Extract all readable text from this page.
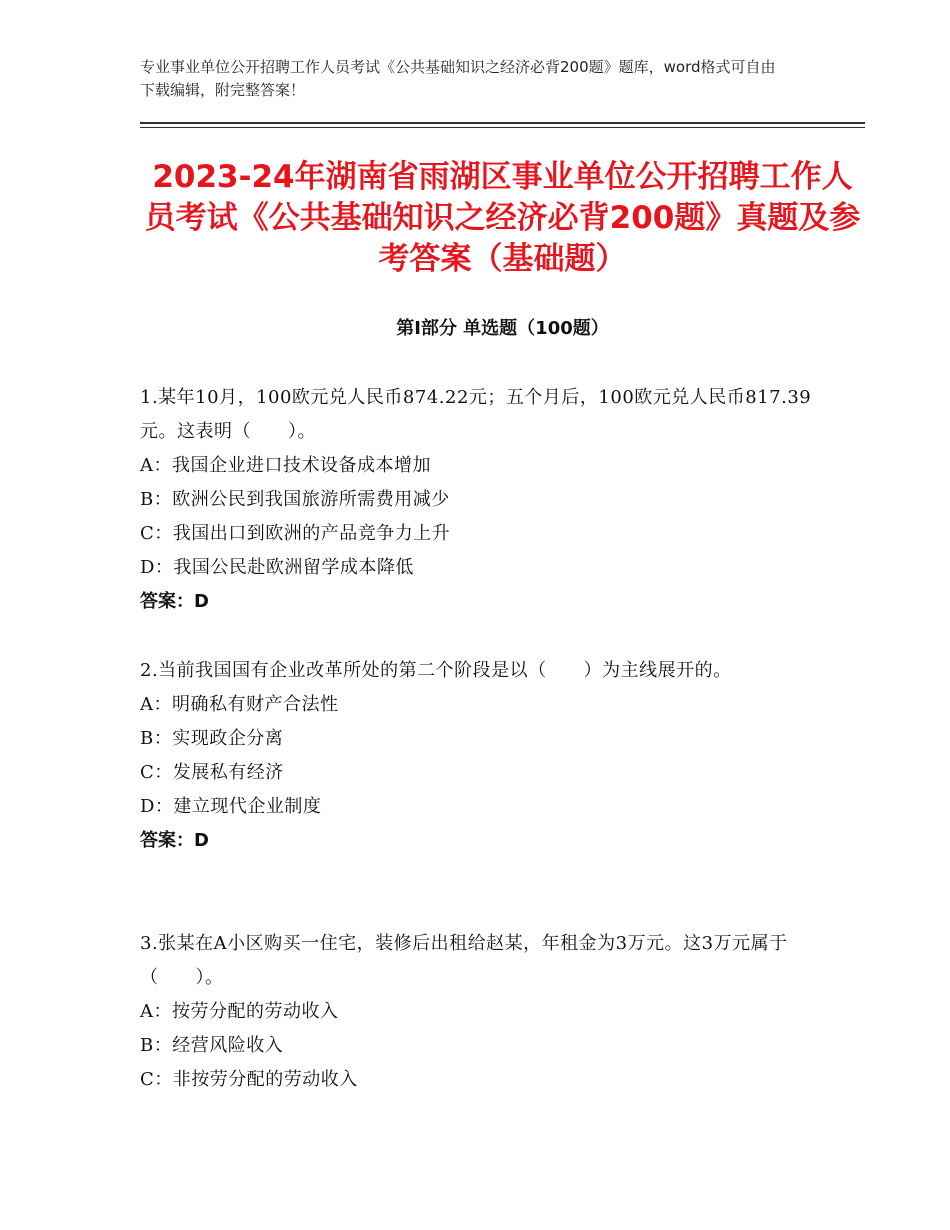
专业事业单位公开招聘工作人员考试《公共基础知识之经济必背200题》题库，word格式可自由下载编辑，附完整答案！
2023-24年湖南省雨湖区事业单位公开招聘工作人员考试《公共基础知识之经济必背200题》真题及参考答案（基础题）
第Ⅰ部分 单选题（100题）
1.某年10月，100欧元兑人民币874.22元；五个月后，100欧元兑人民币817.39元。这表明（　　）。
A：我国企业进口技术设备成本增加
B：欧洲公民到我国旅游所需费用减少
C：我国出口到欧洲的产品竞争力上升
D：我国公民赴欧洲留学成本降低
答案：D
2.当前我国国有企业改革所处的第二个阶段是以（　　）为主线展开的。
A：明确私有财产合法性
B：实现政企分离
C：发展私有经济
D：建立现代企业制度
答案：D
3.张某在A小区购买一住宅，装修后出租给赵某，年租金为3万元。这3万元属于（　　）。
A：按劳分配的劳动收入
B：经营风险收入
C：非按劳分配的劳动收入
